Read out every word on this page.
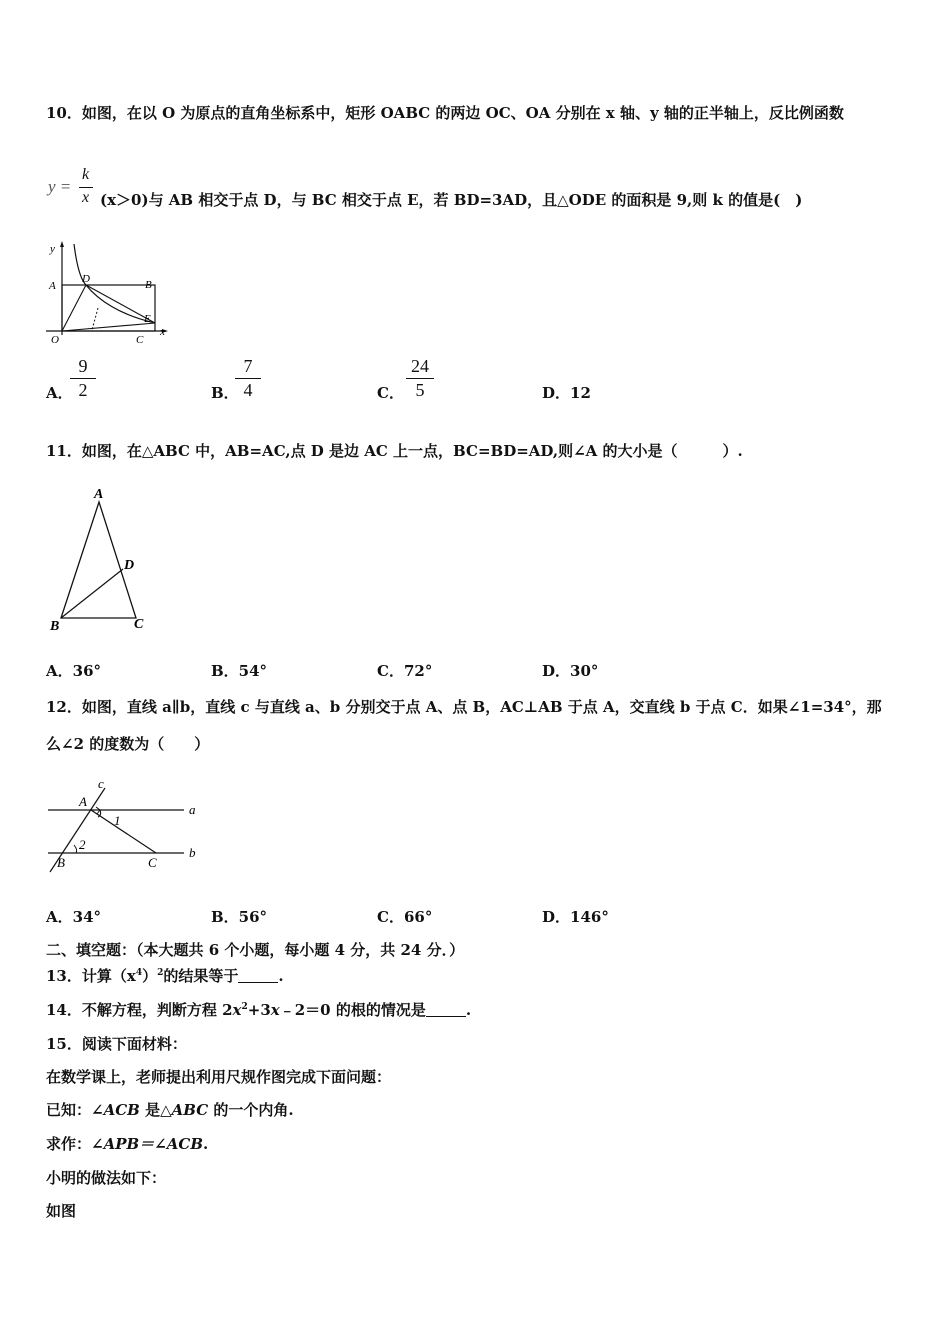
10．如图，在以 O 为原点的直角坐标系中，矩形 OABC 的两边 OC、OA 分别在 x 轴、y 轴的正半轴上，反比例函数
y =
k
x (x＞0)与 AB 相交于点 D，与 BC 相交于点 E，若 BD=3AD，且△ODE 的面积是 9,则 k 的值是(　)
y
A
D	B
E
O	C
x
A．
$\frac{9}{2}$	B．
$\frac{7}{4}$	C． $\frac{24}{5}$	D．12
11．如图，在△ABC 中，AB=AC,点 D 是边 AC 上一点，BC=BD=AD,则∠A 的大小是（　　　）.
A
D
B	C
A．36°	B．54°	C．72°	D．30°
12．如图，直线 a∥b，直线 c 与直线 a、b 分别交于点 A、点 B，AC⊥AB 于点 A，交直线 b 于点 C．如果∠1=34°，那
么∠2 的度数为（　　）
c
A
a
1
2
B	C
b
A．34°	B．56°	C．66°	D．146°
二、填空题：（本大题共 6 个小题，每小题 4 分，共 24 分．）
13．计算$(x^4)^2$的结果等于	.
14．不解方程，判断方程 $2x^2+3x﹣2=0$ 的根的情况是	.
15．阅读下面材料：
在数学课上，老师提出利用尺规作图完成下面问题：
已知：∠ACB 是△ABC 的一个内角.
求作：∠APB＝∠ACB.
小明的做法如下：
如图
